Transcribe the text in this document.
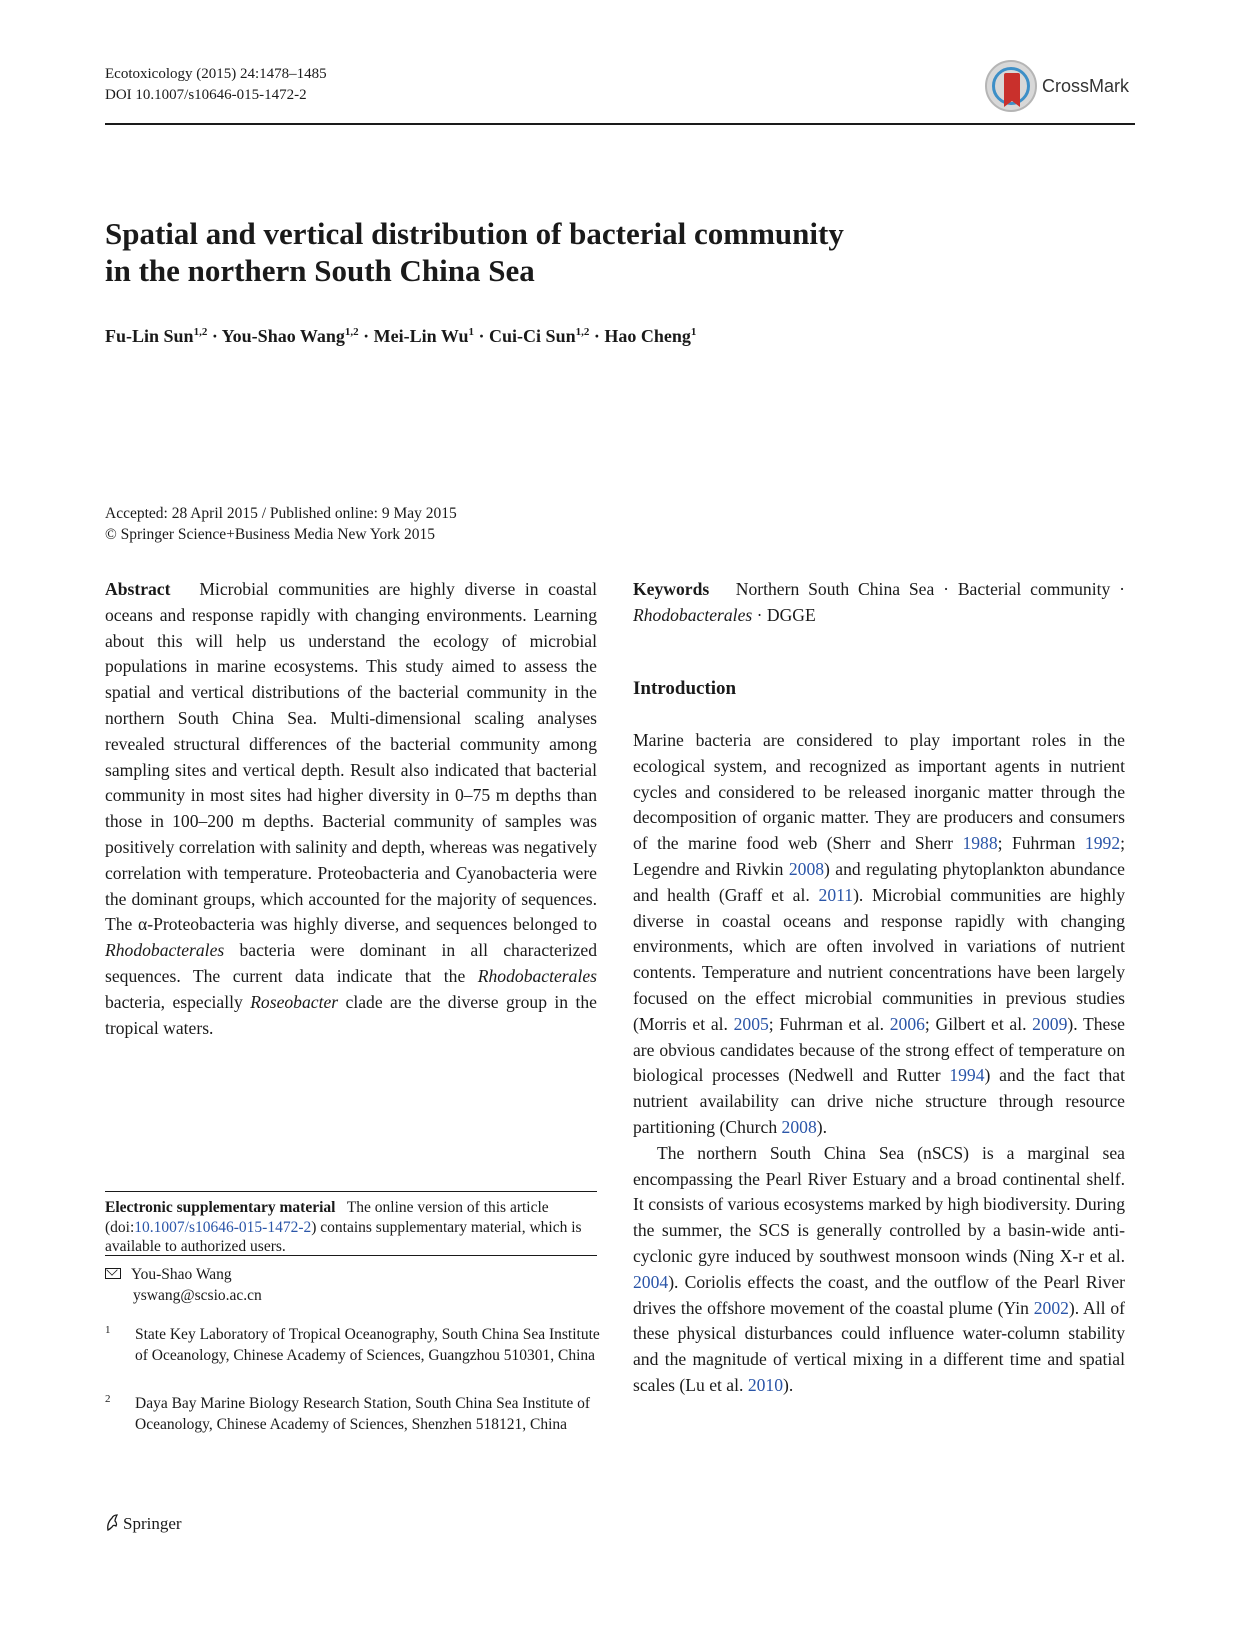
Ecotoxicology (2015) 24:1478–1485
DOI 10.1007/s10646-015-1472-2	CrossMark
Spatial and vertical distribution of bacterial community
in the northern South China Sea
Fu-Lin Sun$^{1,2}$ · You-Shao Wang$^{1,2}$ · Mei-Lin $Wu^1 \cdot Cui-Ci$ Sun$^{1,2}$ · Hao Cheng$^1$
Accepted: 28 April 2015 / Published online: 9 May 2015
© Springer Science+Business Media New York 2015
Abstract Microbial communities are highly diverse in coastal oceans and response rapidly with changing environments. Learning about this will help us understand the ecology of microbial populations in marine ecosystems. This study aimed to assess the spatial and vertical distributions of the bacterial community in the northern South China Sea. Multi-dimensional scaling analyses revealed structural differences of the bacterial community among sampling sites and vertical depth. Result also indicated that bacterial community in most sites had higher diversity in 0–75 m depths than those in 100–200 m depths. Bacterial community of samples was positively correlation with salinity and depth, whereas was negatively correlation with temperature. Proteobacteria and Cyanobacteria were the dominant groups, which accounted for the majority of sequences. The α-Proteobacteria was highly diverse, and sequences belonged to Rhodobacterales bacteria were dominant in all characterized sequences. The current data indicate that the Rhodobacterales bacteria, especially Roseobacter clade are the diverse group in the tropical waters.
Electronic supplementary material The online version of this article (doi:10.1007/s10646-015-1472-2) contains supplementary material, which is available to authorized users.
You-Shao Wang
yswang@scsio.ac.cn
1 State Key Laboratory of Tropical Oceanography, South China Sea Institute of Oceanology, Chinese Academy of Sciences, Guangzhou 510301, China
2 Daya Bay Marine Biology Research Station, South China Sea Institute of Oceanology, Chinese Academy of Sciences, Shenzhen 518121, China
Keywords Northern South China Sea · Bacterial community · Rhodobacterales · DGGE
Introduction

Marine bacteria are considered to play important roles in the ecological system, and recognized as important agents in nutrient cycles and considered to be released inorganic matter through the decomposition of organic matter. They are producers and consumers of the marine food web (Sherr and Sherr 1988; Fuhrman 1992; Legendre and Rivkin 2008) and regulating phytoplankton abundance and health (Graff et al. 2011). Microbial communities are highly diverse in coastal oceans and response rapidly with changing environments, which are often involved in variations of nutrient contents. Temperature and nutrient concentrations have been largely focused on the effect microbial communities in previous studies (Morris et al. 2005; Fuhrman et al. 2006; Gilbert et al. 2009). These are obvious candidates because of the strong effect of temperature on biological processes (Nedwell and Rutter 1994) and the fact that nutrient availability can drive niche structure through resource partitioning (Church 2008).

The northern South China Sea (nSCS) is a marginal sea encompassing the Pearl River Estuary and a broad continental shelf. It consists of various ecosystems marked by high biodiversity. During the summer, the SCS is generally controlled by a basin-wide anti-cyclonic gyre induced by southwest monsoon winds (Ning X-r et al. 2004). Coriolis effects the coast, and the outflow of the Pearl River drives the offshore movement of the coastal plume (Yin 2002). All of these physical disturbances could influence water-column stability and the magnitude of vertical mixing in a different time and spatial scales (Lu et al. 2010).

Springer
